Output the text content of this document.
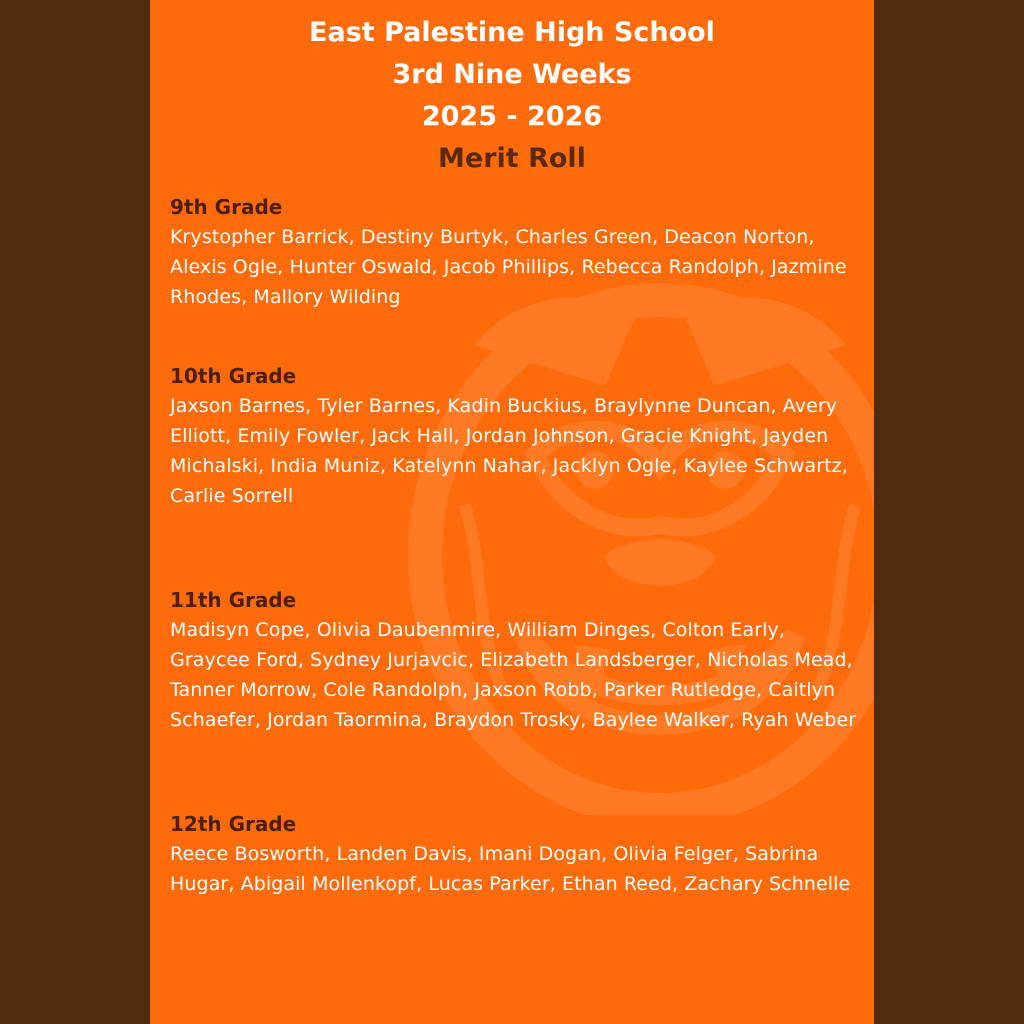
East Palestine High School
3rd Nine Weeks
2025 - 2026
Merit Roll

9th Grade

Krystopher Barrick, Destiny Burtyk, Charles Green, Deacon Norton, Alexis Ogle, Hunter Oswald, Jacob Phillips, Rebecca Randolph, Jazmine Rhodes, Mallory Wilding

10th Grade

Jaxson Barnes, Tyler Barnes, Kadin Buckius, Braylynne Duncan, Avery Elliott, Emily Fowler, Jack Hall, Jordan Johnson, Gracie Knight, Jayden Michalski, India Muniz, Katelynn Nahar, Jacklyn Ogle, Kaylee Schwartz, Carlie Sorrell

11th Grade

Madisyn Cope, Olivia Daubenmire, William Dinges, Colton Early, Graycee Ford, Sydney Jurjavcic, Elizabeth Landsberger, Nicholas Mead, Tanner Morrow, Cole Randolph, Jaxson Robb, Parker Rutledge, Caitlyn Schaefer, Jordan Taormina, Braydon Trosky, Baylee Walker, Ryah Weber

12th Grade

Reece Bosworth, Landen Davis, Imani Dogan, Olivia Felger, Sabrina Hugar, Abigail Mollenkopf, Lucas Parker, Ethan Reed, Zachary Schnelle
